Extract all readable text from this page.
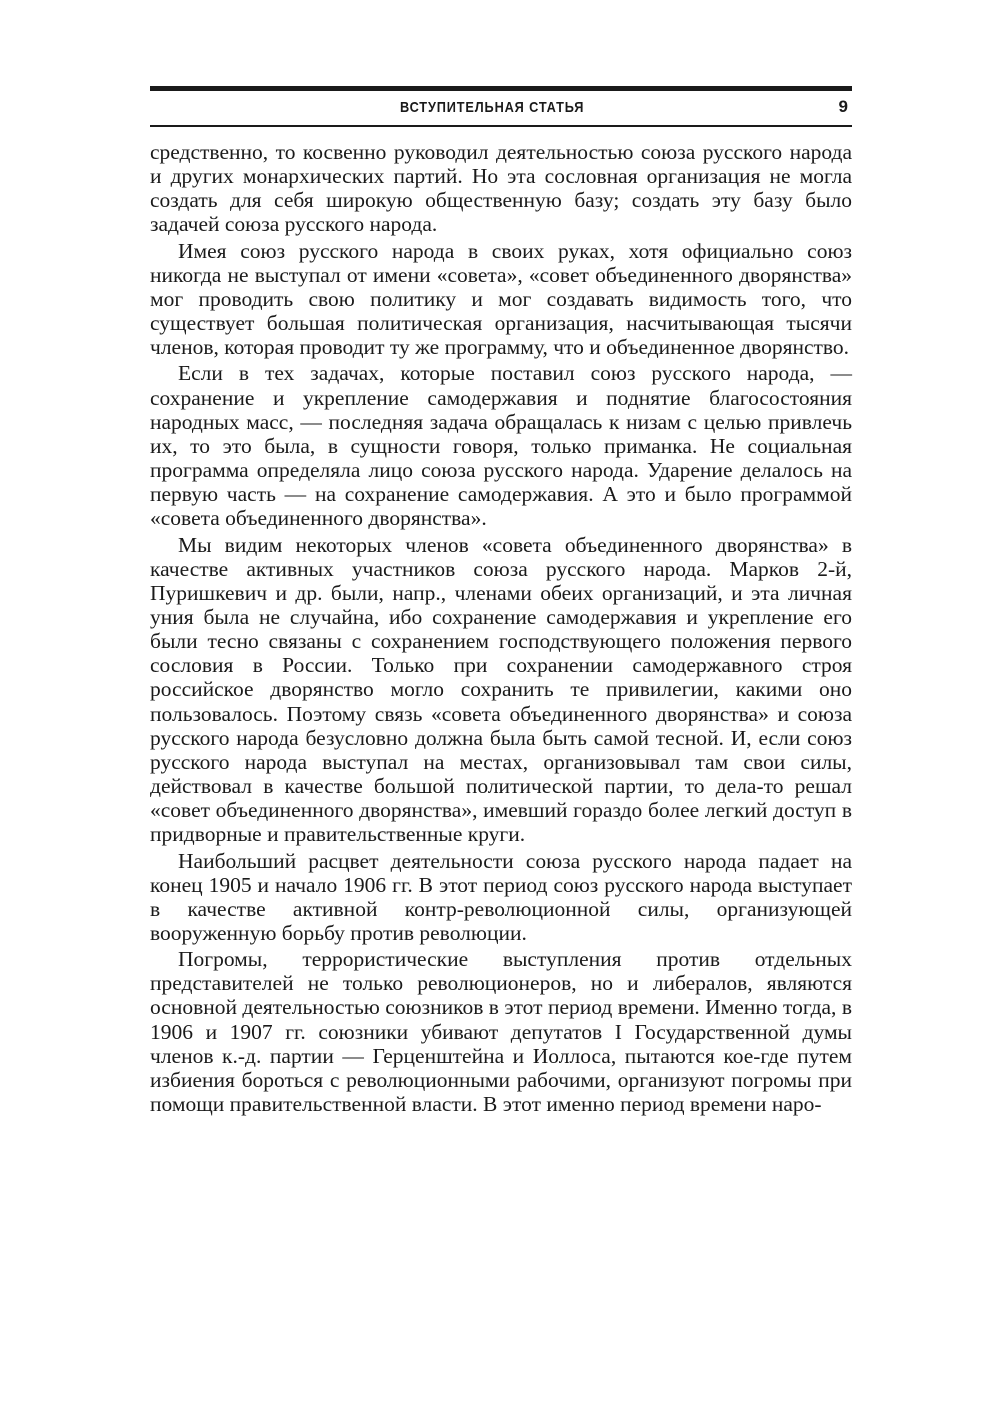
ВСТУПИТЕЛЬНАЯ СТАТЬЯ	9

средственно, то косвенно руководил деятельностью союза русского народа и других монархических партий. Но эта сословная организация не могла создать для себя широкую общественную базу; создать эту базу было задачей союза русского народа.

Имея союз русского народа в своих руках, хотя официально союз никогда не выступал от имени «совета», «совет объединенного дворянства» мог проводить свою политику и мог создавать видимость того, что существует большая политическая организация, насчитывающая тысячи членов, которая проводит ту же программу, что и объединенное дворянство.

Если в тех задачах, которые поставил союз русского народа, — сохранение и укрепление самодержавия и поднятие благосостояния народных масс, — последняя задача обращалась к низам с целью привлечь их, то это была, в сущности говоря, только приманка. Не социальная программа определяла лицо союза русского народа. Ударение делалось на первую часть — на сохранение самодержавия. А это и было программой «совета объединенного дворянства».

Мы видим некоторых членов «совета объединенного дворянства» в качестве активных участников союза русского народа. Марков 2-й, Пуришкевич и др. были, напр., членами обеих организаций, и эта личная уния была не случайна, ибо сохранение самодержавия и укрепление его были тесно связаны с сохранением господствующего положения первого сословия в России. Только при сохранении самодержавного строя российское дворянство могло сохранить те привилегии, какими оно пользовалось. Поэтому связь «совета объединенного дворянства» и союза русского народа безусловно должна была быть самой тесной. И, если союз русского народа выступал на местах, организовывал там свои силы, действовал в качестве большой политической партии, то дела-то решал «совет объединенного дворянства», имевший гораздо более легкий доступ в придворные и правительственные круги.

Наибольший расцвет деятельности союза русского народа падает на конец 1905 и начало 1906 гг. В этот период союз русского народа выступает в качестве активной контр-революционной силы, организующей вооруженную борьбу против революции.

Погромы, террористические выступления против отдельных представителей не только революционеров, но и либералов, являются основной деятельностью союзников в этот период времени. Именно тогда, в 1906 и 1907 гг. союзники убивают депутатов I Государственной думы членов к.-д. партии — Герценштейна и Иоллоса, пытаются кое-где путем избиения бороться с революционными рабочими, организуют погромы при помощи правительственной власти. В этот именно период времени наро-
